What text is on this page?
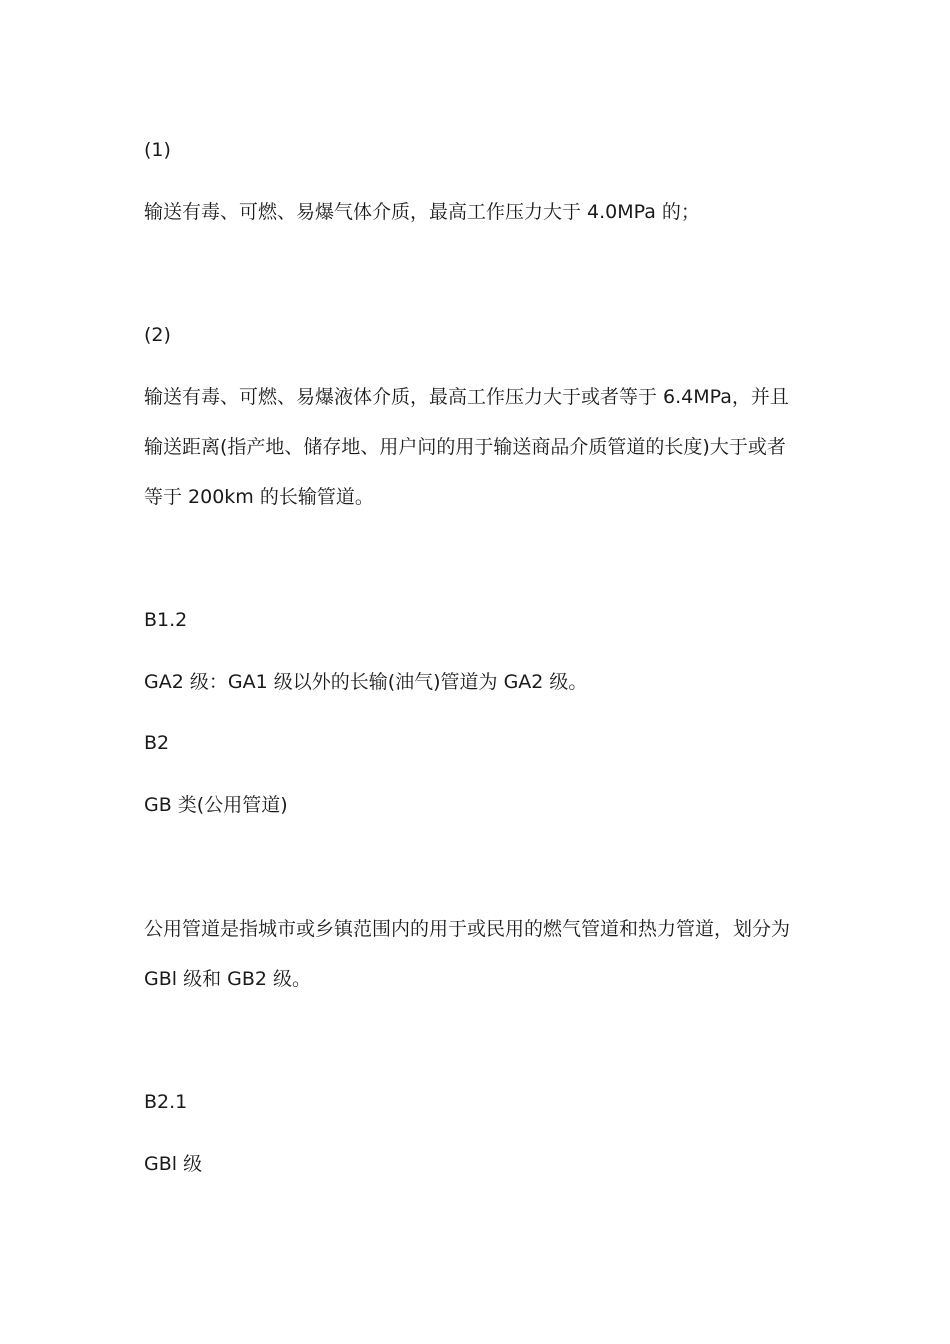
(1)
输送有毒、可燃、易爆气体介质，最高工作压力大于 4.0MPa 的；
(2)
输送有毒、可燃、易爆液体介质，最高工作压力大于或者等于 6.4MPa，并且
输送距离(指产地、储存地、用户问的用于输送商品介质管道的长度)大于或者
等于 200km 的长输管道。
B1.2
GA2 级：GA1 级以外的长输(油气)管道为 GA2 级。
B2
GB 类(公用管道)
公用管道是指城市或乡镇范围内的用于或民用的燃气管道和热力管道，划分为
GBl 级和 GB2 级。
B2.1
GBl 级
